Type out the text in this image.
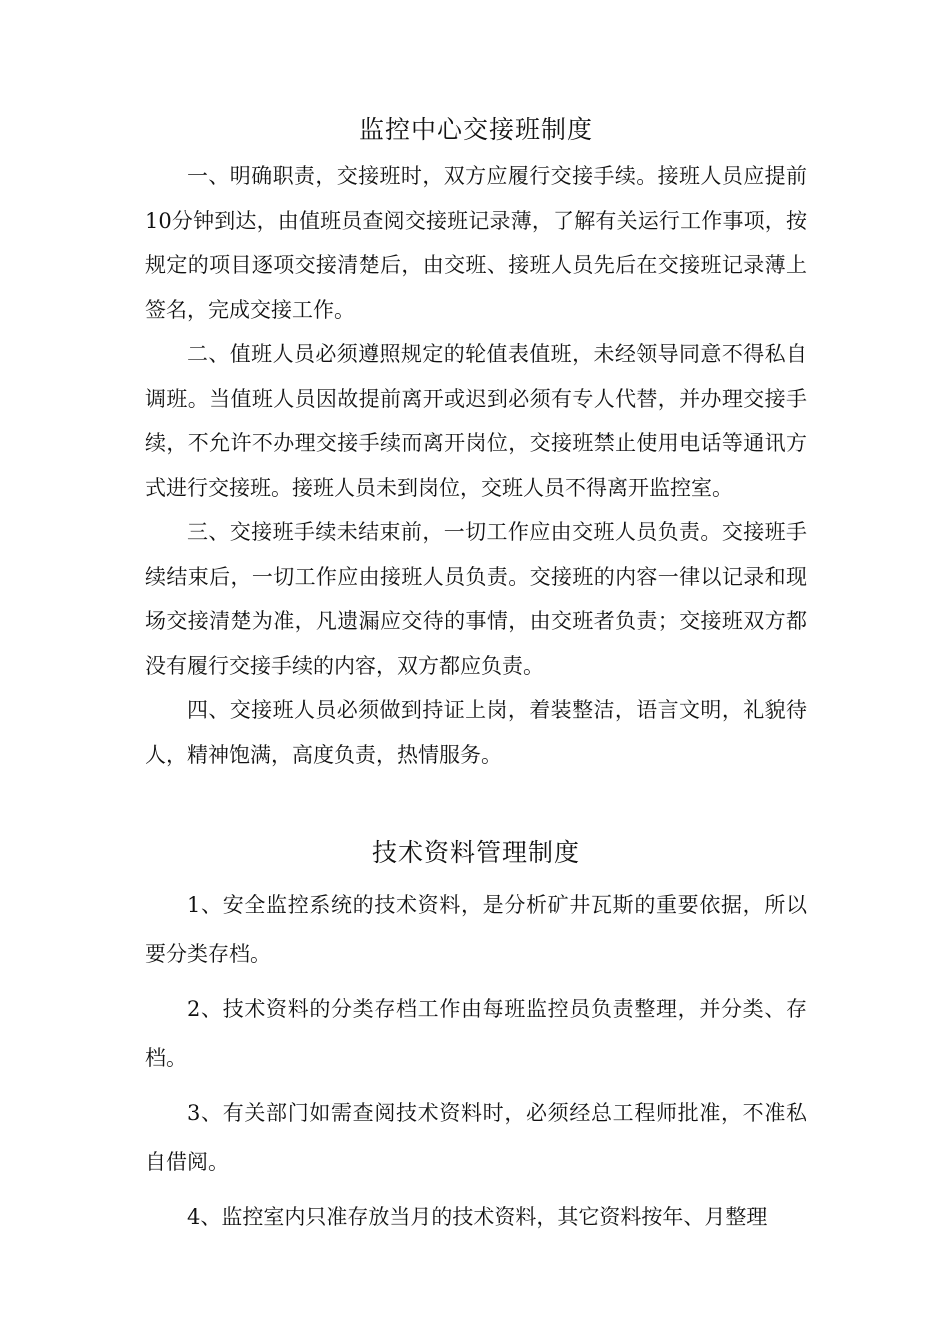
监控中心交接班制度

一、明确职责，交接班时，双方应履行交接手续。接班人员应提前10分钟到达，由值班员查阅交接班记录薄，了解有关运行工作事项，按规定的项目逐项交接清楚后，由交班、接班人员先后在交接班记录薄上签名，完成交接工作。

二、值班人员必须遵照规定的轮值表值班，未经领导同意不得私自调班。当值班人员因故提前离开或迟到必须有专人代替，并办理交接手续，不允许不办理交接手续而离开岗位，交接班禁止使用电话等通讯方式进行交接班。接班人员未到岗位，交班人员不得离开监控室。

三、交接班手续未结束前，一切工作应由交班人员负责。交接班手续结束后，一切工作应由接班人员负责。交接班的内容一律以记录和现场交接清楚为准，凡遗漏应交待的事情，由交班者负责；交接班双方都没有履行交接手续的内容，双方都应负责。

四、交接班人员必须做到持证上岗，着装整洁，语言文明，礼貌待人，精神饱满，高度负责，热情服务。

技术资料管理制度

1、安全监控系统的技术资料，是分析矿井瓦斯的重要依据，所以要分类存档。

2、技术资料的分类存档工作由每班监控员负责整理，并分类、存档。

3、有关部门如需查阅技术资料时，必须经总工程师批准，不准私自借阅。

4、监控室内只准存放当月的技术资料，其它资料按年、月整理
